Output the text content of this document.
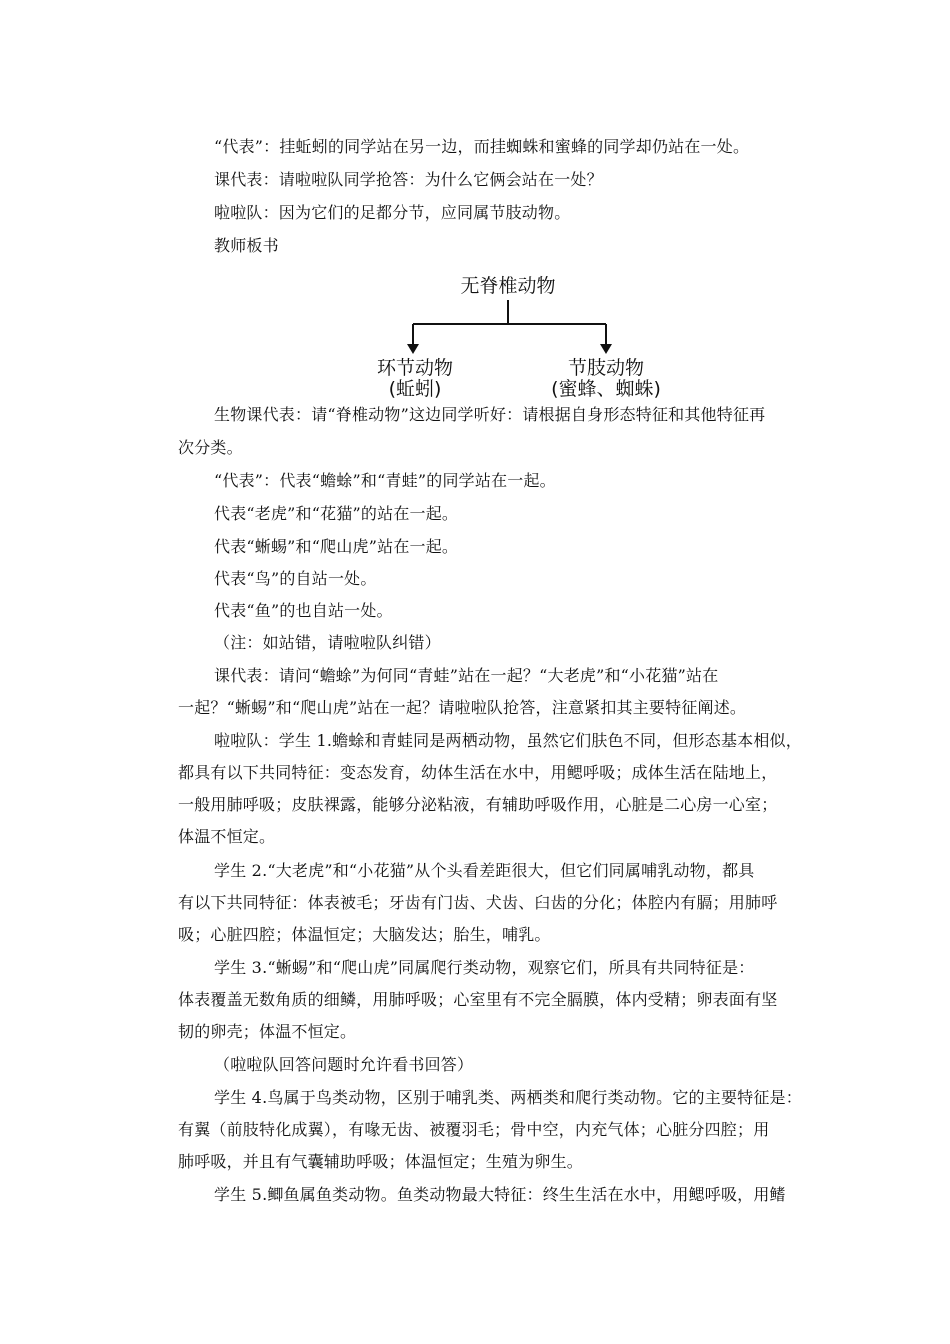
“代表”：挂蚯蚓的同学站在另一边，而挂蜘蛛和蜜蜂的同学却仍站在一处。
课代表：请啦啦队同学抢答：为什么它俩会站在一处？
啦啦队：因为它们的足都分节，应同属节肢动物。
教师板书
无脊椎动物
环节动物
(蚯蚓)
节肢动物
(蜜蜂、蜘蛛)
生物课代表：请“脊椎动物”这边同学听好：请根据自身形态特征和其他特征再
次分类。
“代表”：代表“蟾蜍”和“青蛙”的同学站在一起。
代表“老虎”和“花猫”的站在一起。
代表“蜥蜴”和“爬山虎”站在一起。
代表“鸟”的自站一处。
代表“鱼”的也自站一处。
（注：如站错，请啦啦队纠错）
课代表：请问“蟾蜍”为何同“青蛙”站在一起？“大老虎”和“小花猫”站在
一起？“蜥蜴”和“爬山虎”站在一起？请啦啦队抢答，注意紧扣其主要特征阐述。
啦啦队：学生 1.蟾蜍和青蛙同是两栖动物，虽然它们肤色不同，但形态基本相似，
都具有以下共同特征：变态发育，幼体生活在水中，用鳃呼吸；成体生活在陆地上，
一般用肺呼吸；皮肤裸露，能够分泌粘液，有辅助呼吸作用，心脏是二心房一心室；
体温不恒定。
学生 2.“大老虎”和“小花猫”从个头看差距很大，但它们同属哺乳动物，都具
有以下共同特征：体表被毛；牙齿有门齿、犬齿、臼齿的分化；体腔内有膈；用肺呼
吸；心脏四腔；体温恒定；大脑发达；胎生，哺乳。
学生 3.“蜥蜴”和“爬山虎”同属爬行类动物，观察它们，所具有共同特征是：
体表覆盖无数角质的细鳞，用肺呼吸；心室里有不完全膈膜，体内受精；卵表面有坚
韧的卵壳；体温不恒定。
（啦啦队回答问题时允许看书回答）
学生 4.鸟属于鸟类动物，区别于哺乳类、两栖类和爬行类动物。它的主要特征是：
有翼（前肢特化成翼），有喙无齿、被覆羽毛；骨中空，内充气体；心脏分四腔；用
肺呼吸，并且有气囊辅助呼吸；体温恒定；生殖为卵生。
学生 5.鲫鱼属鱼类动物。鱼类动物最大特征：终生生活在水中，用鳃呼吸，用鳍
